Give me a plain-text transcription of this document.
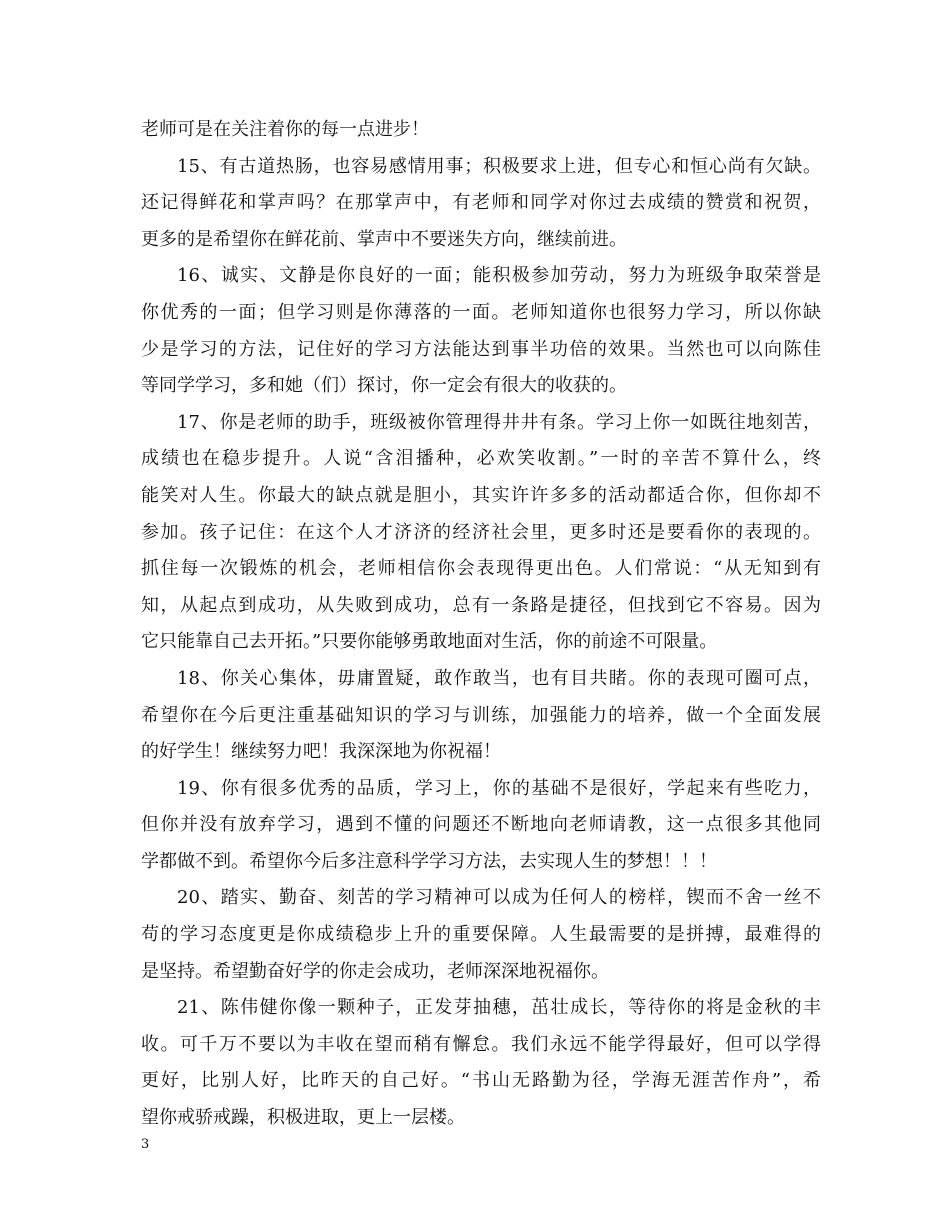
老师可是在关注着你的每一点进步！
15、有古道热肠，也容易感情用事；积极要求上进，但专心和恒心尚有欠缺。
还记得鲜花和掌声吗？在那掌声中，有老师和同学对你过去成绩的赞赏和祝贺，
更多的是希望你在鲜花前、掌声中不要迷失方向，继续前进。
16、诚实、文静是你良好的一面；能积极参加劳动，努力为班级争取荣誉是
你优秀的一面；但学习则是你薄落的一面。老师知道你也很努力学习，所以你缺
少是学习的方法，记住好的学习方法能达到事半功倍的效果。当然也可以向陈佳
等同学学习，多和她（们）探讨，你一定会有很大的收获的。
17、你是老师的助手，班级被你管理得井井有条。学习上你一如既往地刻苦，
成绩也在稳步提升。人说“含泪播种，必欢笑收割。”一时的辛苦不算什么，终
能笑对人生。你最大的缺点就是胆小，其实许许多多的活动都适合你，但你却不
参加。孩子记住：在这个人才济济的经济社会里，更多时还是要看你的表现的。
抓住每一次锻炼的机会，老师相信你会表现得更出色。人们常说：“从无知到有
知，从起点到成功，从失败到成功，总有一条路是捷径，但找到它不容易。因为
它只能靠自己去开拓。”只要你能够勇敢地面对生活，你的前途不可限量。
18、你关心集体，毋庸置疑，敢作敢当，也有目共睹。你的表现可圈可点，
希望你在今后更注重基础知识的学习与训练，加强能力的培养，做一个全面发展
的好学生！继续努力吧！我深深地为你祝福！
19、你有很多优秀的品质，学习上，你的基础不是很好，学起来有些吃力，
但你并没有放弃学习，遇到不懂的问题还不断地向老师请教，这一点很多其他同
学都做不到。希望你今后多注意科学学习方法，去实现人生的梦想！！！
20、踏实、勤奋、刻苦的学习精神可以成为任何人的榜样，锲而不舍一丝不
苟的学习态度更是你成绩稳步上升的重要保障。人生最需要的是拼搏，最难得的
是坚持。希望勤奋好学的你走会成功，老师深深地祝福你。
21、陈伟健你像一颗种子，正发芽抽穗，茁壮成长，等待你的将是金秋的丰
收。可千万不要以为丰收在望而稍有懈怠。我们永远不能学得最好，但可以学得
更好，比别人好，比昨天的自己好。“书山无路勤为径，学海无涯苦作舟”，希
望你戒骄戒躁，积极进取，更上一层楼。
3
